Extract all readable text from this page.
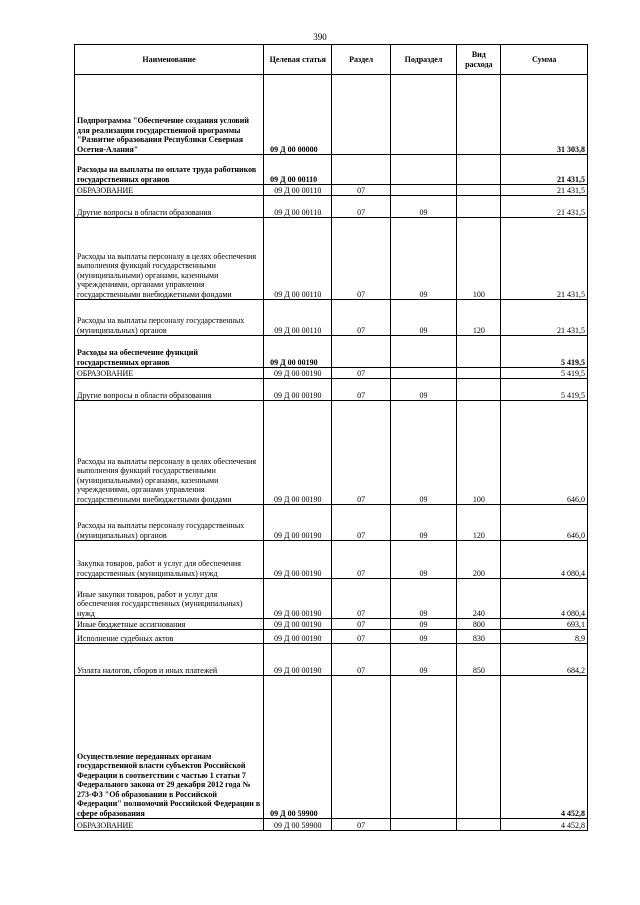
390
Наименование	Целевая статья	Раздел	Подраздел	Вид расхода	Сумма
Подпрограмма "Обеспечение создания условий для реализации государственной программы "Развитие образования Республики Северная Осетия-Алания"	09 Д 00 00000				31 303,8
Расходы на выплаты по оплате труда работников государственных органов	09 Д 00 00110				21 431,5
ОБРАЗОВАНИЕ	09 Д 00 00110	07			21 431,5
Другие вопросы в области образования	09 Д 00 00110	07	09		21 431,5
Расходы на выплаты персоналу в целях обеспечения выполнения функций государственными (муниципальными) органами, казенными учреждениями, органами управления государственными внебюджетными фондами	09 Д 00 00110	07	09	100	21 431,5
Расходы на выплаты персоналу государственных (муниципальных) органов	09 Д 00 00110	07	09	120	21 431,5
Расходы на обеспечение функций государственных органов	09 Д 00 00190				5 419,5
ОБРАЗОВАНИЕ	09 Д 00 00190	07			5 419,5
Другие вопросы в области образования	09 Д 00 00190	07	09		5 419,5
Расходы на выплаты персоналу в целях обеспечения выполнения функций государственными (муниципальными) органами, казенными учреждениями, органами управления государственными внебюджетными фондами	09 Д 00 00190	07	09	100	646,0
Расходы на выплаты персоналу государственных (муниципальных) органов	09 Д 00 00190	07	09	120	646,0
Закупка товаров, работ и услуг для обеспечения государственных (муниципальных) нужд	09 Д 00 00190	07	09	200	4 080,4
Иные закупки товаров, работ и услуг для обеспечения государственных (муниципальных) нужд	09 Д 00 00190	07	09	240	4 080,4
Иные бюджетные ассигнования	09 Д 00 00190	07	09	800	693,1
Исполнение судебных актов	09 Д 00 00190	07	09	830	8,9
Уплата налогов, сборов и иных платежей	09 Д 00 00190	07	09	850	684,2
Осуществление переданных органам государственной власти субъектов Российской Федерации в соответствии с частью 1 статьи 7 Федерального закона от 29 декабря 2012 года № 273-ФЗ "Об образовании в Российской Федерации" полномочий Российской Федерации в сфере образования	09 Д 00 59900				4 452,8
ОБРАЗОВАНИЕ	09 Д 00 59900	07			4 452,8
